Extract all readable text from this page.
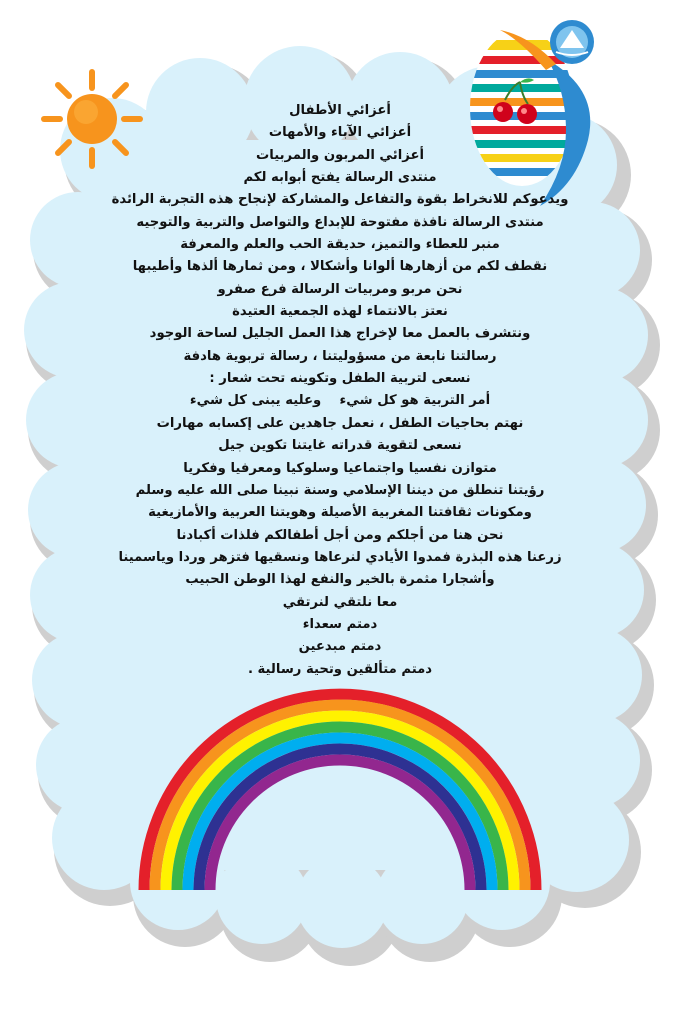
أعزائي الأطفال
أعزائي الآباء والأمهات
أعزائي المربون والمربيات
منتدى الرسالة يفتح أبوابه لكم
ويدعوكم للانخراط بقوة والتفاعل والمشاركة لإنجاح هذه التجربة الرائدة
منتدى الرسالة نافذة مفتوحة للإبداع والتواصل والتربية والتوجيه
منبر للعطاء والتميز، حديقة الحب والعلم والمعرفة
نقطف لكم من أزهارها ألوانا وأشكالا ، ومن ثمارها ألذها وأطيبها
نحن مربو ومربيات الرسالة فرع صفرو
نعتز بالانتماء لهذه الجمعية العتيدة
ونتشرف بالعمل معا لإخراج هذا العمل الجليل لساحة الوجود
رسالتنا نابعة من مسؤوليتنا ، رسالة تربوية هادفة
نسعى لتربية الطفل وتكوينه تحت شعار :
أمر التربية هو كل شيء    وعليه يبنى كل شيء
نهتم بحاجيات الطفل ، نعمل جاهدين على إكسابه مهارات
نسعى لتقوية قدراته غايتنا تكوين جيل
متوازن نفسيا واجتماعيا وسلوكيا ومعرفيا وفكريا
رؤيتنا تنطلق من ديننا الإسلامي وسنة نبينا صلى الله عليه وسلم
ومكونات ثقافتنا المغربية الأصيلة وهويتنا العربية والأمازيغية
نحن هنا من أجلكم ومن أجل أطفالكم فلذات أكبادنا
زرعنا هذه البذرة فمدوا الأيادي لنرعاها ونسقيها فتزهر وردا وياسمينا
وأشجارا مثمرة بالخير والنفع لهذا الوطن الحبيب
معا نلتقي لنرتقي
دمتم سعداء
دمتم مبدعين
دمتم متألقين وتحية رسالية .
